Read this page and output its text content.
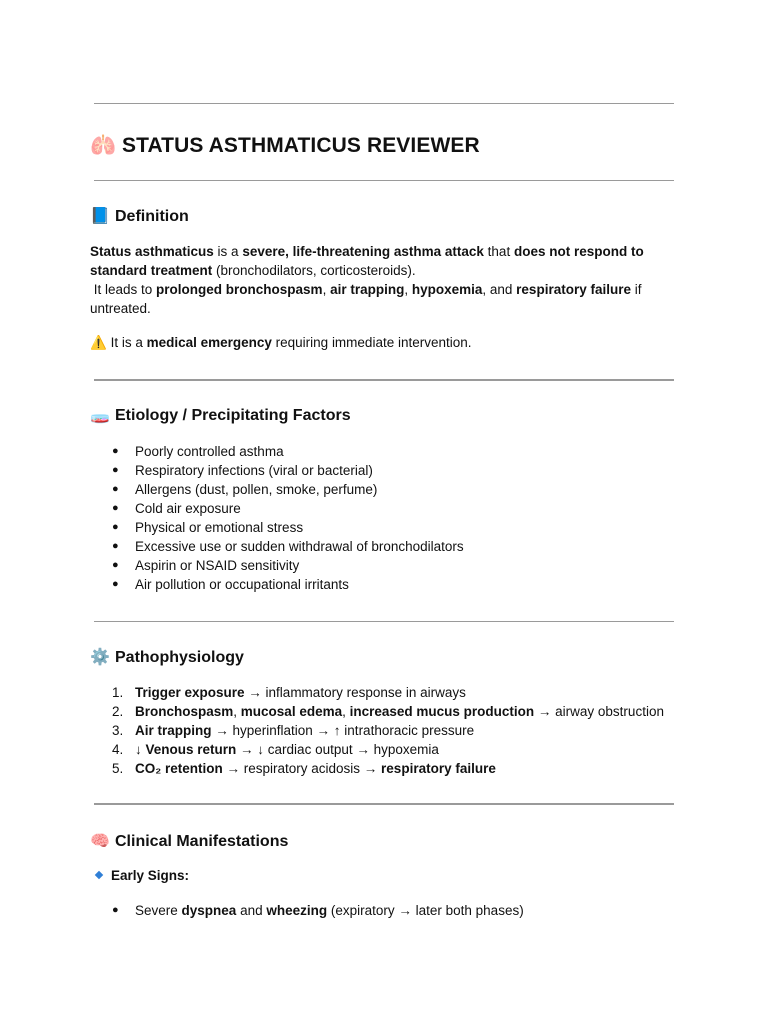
🫁 STATUS ASTHMATICUS REVIEWER
📘 Definition
Status asthmaticus is a severe, life-threatening asthma attack that does not respond to standard treatment (bronchodilators, corticosteroids).
It leads to prolonged bronchospasm, air trapping, hypoxemia, and respiratory failure if untreated.
⚠️ It is a medical emergency requiring immediate intervention.
🧫 Etiology / Precipitating Factors
● Poorly controlled asthma
● Respiratory infections (viral or bacterial)
● Allergens (dust, pollen, smoke, perfume)
● Cold air exposure
● Physical or emotional stress
● Excessive use or sudden withdrawal of bronchodilators
● Aspirin or NSAID sensitivity
● Air pollution or occupational irritants
⚙️ Pathophysiology
1. Trigger exposure → inflammatory response in airways
2. Bronchospasm, mucosal edema, increased mucus production → airway obstruction
3. Air trapping → hyperinflation → ↑ intrathoracic pressure
4. ↓ Venous return → ↓ cardiac output → hypoxemia
5. CO₂ retention → respiratory acidosis → respiratory failure
🧠 Clinical Manifestations
Early Signs:
● Severe dyspnea and wheezing (expiratory → later both phases)
